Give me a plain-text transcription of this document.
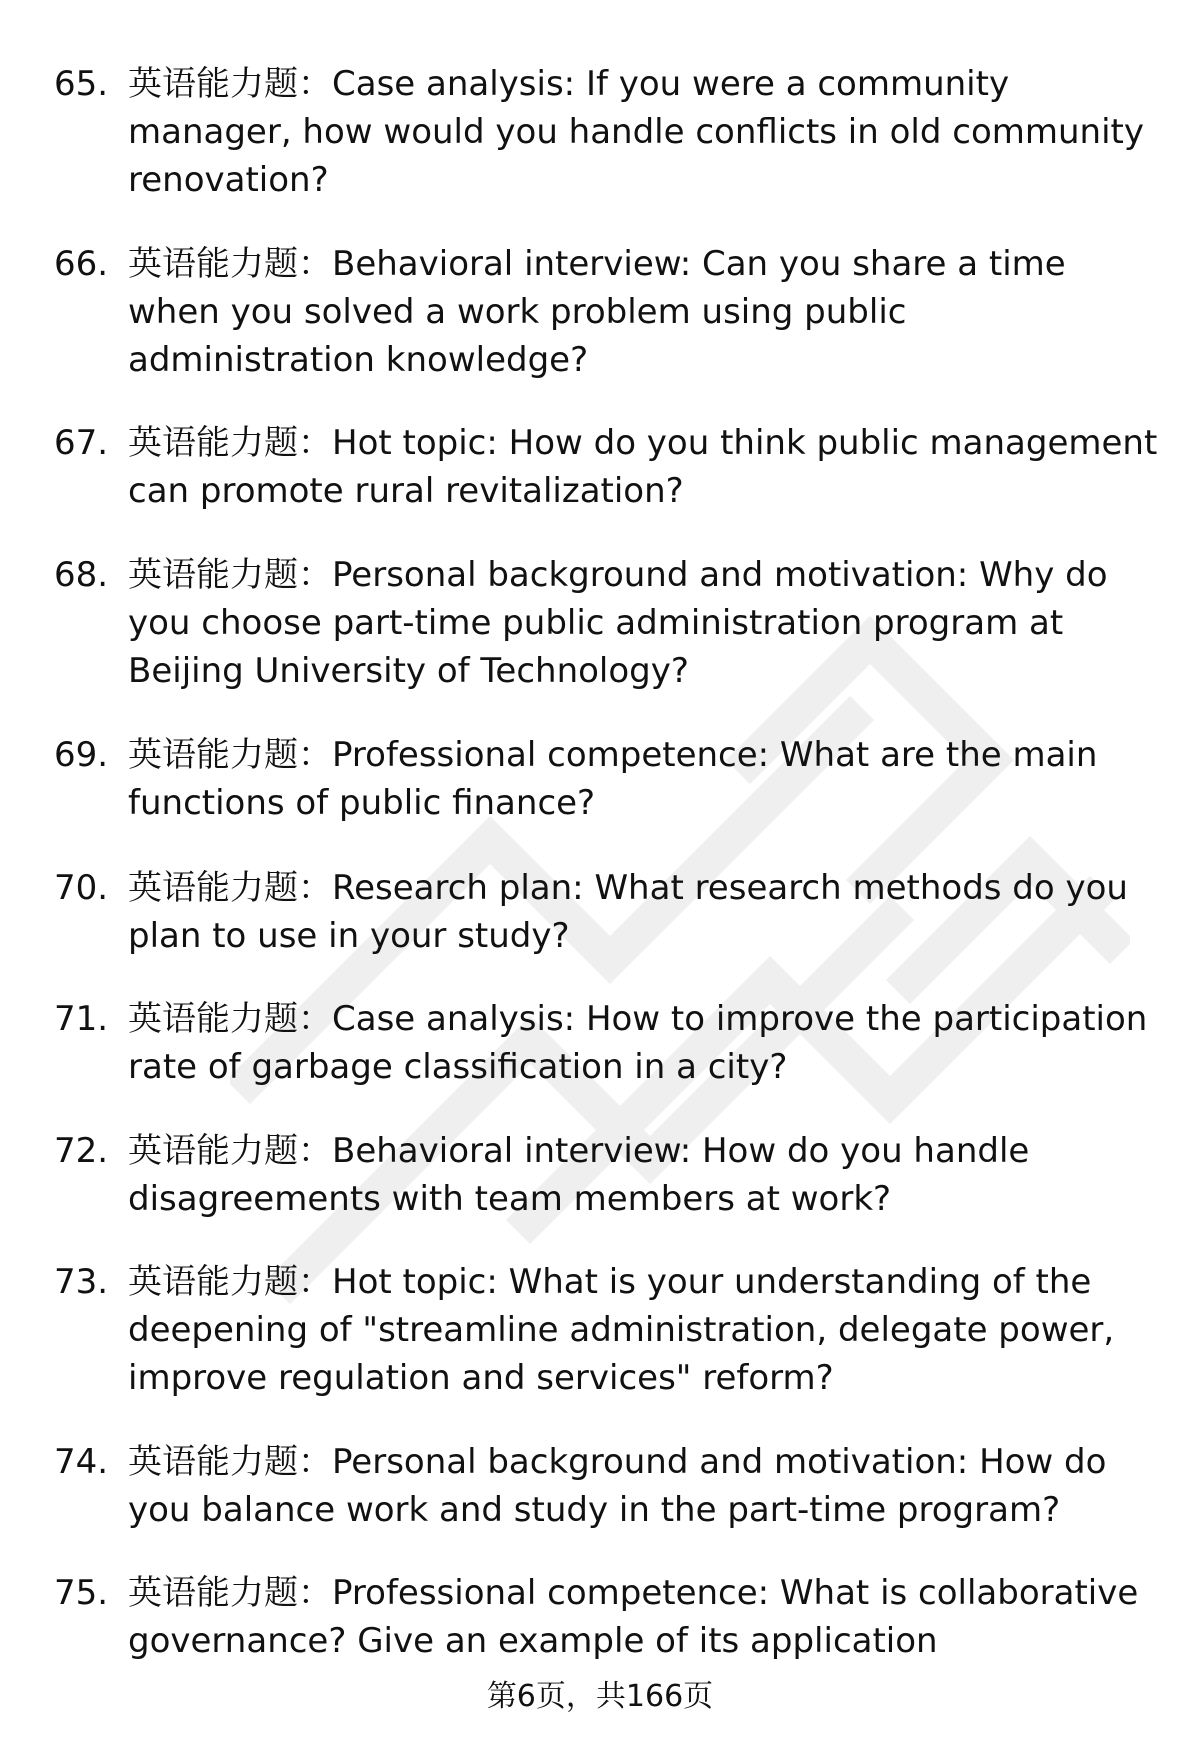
65. 英语能力题：Case analysis: If you were a community manager, how would you handle conflicts in old community renovation?
66. 英语能力题：Behavioral interview: Can you share a time when you solved a work problem using public administration knowledge?
67. 英语能力题：Hot topic: How do you think public management can promote rural revitalization?
68. 英语能力题：Personal background and motivation: Why do you choose part-time public administration program at Beijing University of Technology?
69. 英语能力题：Professional competence: What are the main functions of public finance?
70. 英语能力题：Research plan: What research methods do you plan to use in your study?
71. 英语能力题：Case analysis: How to improve the participation rate of garbage classification in a city?
72. 英语能力题：Behavioral interview: How do you handle disagreements with team members at work?
73. 英语能力题：Hot topic: What is your understanding of the deepening of "streamline administration, delegate power, improve regulation and services" reform?
74. 英语能力题：Personal background and motivation: How do you balance work and study in the part-time program?
75. 英语能力题：Professional competence: What is collaborative governance? Give an example of its application
第6页，共166页
